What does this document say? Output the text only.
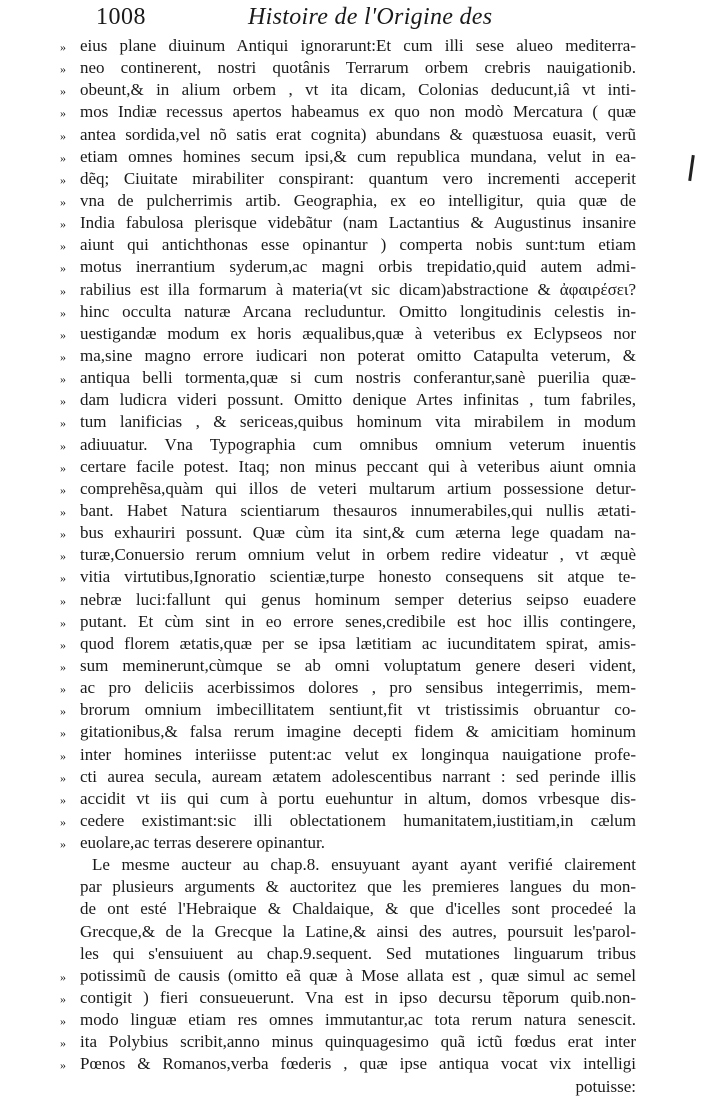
1008	Histoire de l'Origine des
» eius plane diuinum Antiqui ignorarunt:Et cum illi sese alueo mediterra-
» neo continerent, nostri quotânis Terrarum orbem crebris nauigationib.
» obeunt,& in alium orbem , vt ita dicam, Colonias deducunt,iâ vt inti-
» mos Indiæ recessus apertos habeamus ex quo non modò Mercatura ( quæ
» antea sordida,vel nõ satis erat cognita) abundans & quæstuosa euasit, verũ
» etiam omnes homines secum ipsi,& cum republica mundana, velut in ea-
» dẽq; Ciuitate mirabiliter conspirant: quantum vero incrementi acceperit
» vna de pulcherrimis artib. Geographia, ex eo intelligitur, quia quæ de
» India fabulosa plerisque videbãtur (nam Lactantius & Augustinus insanire
» aiunt qui antichthonas esse opinantur ) comperta nobis sunt:tum etiam
» motus inerrantium syderum,ac magni orbis trepidatio,quid autem admi-
» rabilius est illa formarum à materia(vt sic dicam)abstractione & ἀφαιρέσει?
» hinc occulta naturæ Arcana recluduntur. Omitto longitudinis celestis in-
» uestigandæ modum ex horis æqualibus,quæ à veteribus ex Eclypseos nor
» ma,sine magno errore iudicari non poterat omitto Catapulta veterum, &
» antiqua belli tormenta,quæ si cum nostris conferantur,sanè puerilia quæ-
» dam ludicra videri possunt. Omitto denique Artes infinitas , tum fabriles,
» tum lanificias , & sericeas,quibus hominum vita mirabilem in modum
» adiuuatur. Vna Typographia cum omnibus omnium veterum inuentis
» certare facile potest. Itaq; non minus peccant qui à veteribus aiunt omnia
» comprehẽsa,quàm qui illos de veteri multarum artium possessione detur-
» bant. Habet Natura scientiarum thesauros innumerabiles,qui nullis ætati-
» bus exhauriri possunt. Quæ cùm ita sint,& cum æterna lege quadam na-
» turæ,Conuersio rerum omnium velut in orbem redire videatur , vt æquè
» vitia virtutibus,Ignoratio scientiæ,turpe honesto consequens sit atque te-
» nebræ luci:fallunt qui genus hominum semper deterius seipso euadere
» putant. Et cùm sint in eo errore senes,credibile est hoc illis contingere,
» quod florem ætatis,quæ per se ipsa lætitiam ac iucunditatem spirat, amis-
» sum meminerunt,cùmque se ab omni voluptatum genere deseri vident,
» ac pro deliciis acerbissimos dolores , pro sensibus integerrimis, mem-
» brorum omnium imbecillitatem sentiunt,fit vt tristissimis obruantur co-
» gitationibus,& falsa rerum imagine decepti fidem & amicitiam hominum
» inter homines interiisse putent:ac velut ex longinqua nauigatione profe-
» cti aurea secula, auream ætatem adolescentibus narrant : sed perinde illis
» accidit vt iis qui cum à portu euehuntur in altum, domos vrbesque dis-
» cedere existimant:sic illi oblectationem humanitatem,iustitiam,in cælum
» euolare,ac terras deserere opinantur.
Le mesme aucteur au chap.8. ensuyuant ayant ayant verifié clairement
par plusieurs arguments & auctoritez que les premieres langues du mon-
de ont esté l'Hebraique & Chaldaique, & que d'icelles sont procedeé la
Grecque,& de la Grecque la Latine,& ainsi des autres, poursuit les'parol-
les qui s'ensuiuent au chap.9.sequent. Sed mutationes linguarum tribus
» potissimũ de causis (omitto eã quæ à Mose allata est , quæ simul ac semel
» contigit ) fieri consueuerunt. Vna est in ipso decursu tẽporum quib.non-
» modo linguæ etiam res omnes immutantur,ac tota rerum natura senescit.
» ita Polybius scribit,anno minus quinquagesimo quã ictũ fœdus erat inter
» Pœnos & Romanos,verba fœderis , quæ ipse antiqua vocat vix intelligi
potuisse:
